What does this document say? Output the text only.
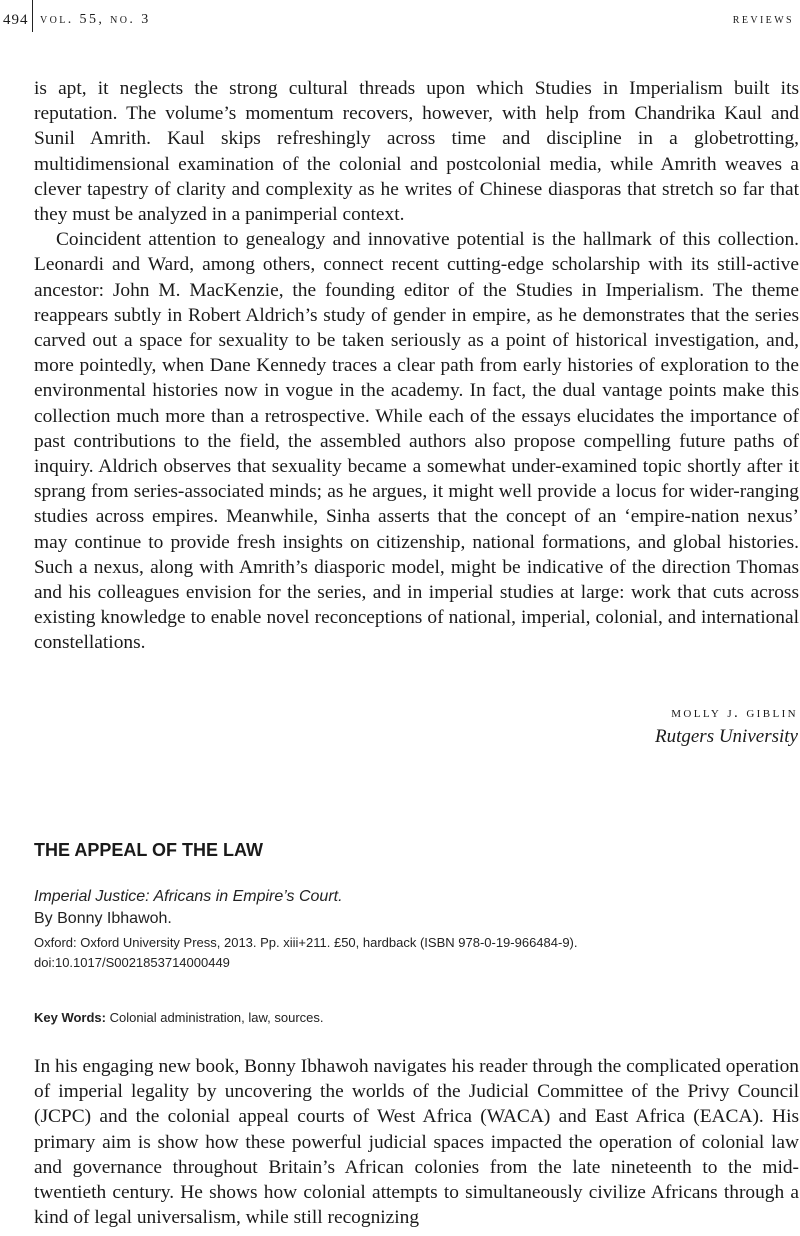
494 vol. 55, no. 3	reviews

is apt, it neglects the strong cultural threads upon which Studies in Imperialism built its reputation. The volume’s momentum recovers, however, with help from Chandrika Kaul and Sunil Amrith. Kaul skips refreshingly across time and discipline in a globetrotting, multidimensional examination of the colonial and postcolonial media, while Amrith weaves a clever tapestry of clarity and complexity as he writes of Chinese diasporas that stretch so far that they must be analyzed in a panimperial context.

Coincident attention to genealogy and innovative potential is the hallmark of this collection. Leonardi and Ward, among others, connect recent cutting-edge scholarship with its still-active ancestor: John M. MacKenzie, the founding editor of the Studies in Imperialism. The theme reappears subtly in Robert Aldrich’s study of gender in empire, as he demonstrates that the series carved out a space for sexuality to be taken seriously as a point of historical investigation, and, more pointedly, when Dane Kennedy traces a clear path from early histories of exploration to the environmental histories now in vogue in the academy. In fact, the dual vantage points make this collection much more than a retrospective. While each of the essays elucidates the importance of past contributions to the field, the assembled authors also propose compelling future paths of inquiry. Aldrich observes that sexuality became a somewhat under-examined topic shortly after it sprang from series-associated minds; as he argues, it might well provide a locus for wider-ranging studies across empires. Meanwhile, Sinha asserts that the concept of an ‘empire-nation nexus’ may continue to provide fresh insights on citizenship, national formations, and global histories. Such a nexus, along with Amrith’s diasporic model, might be indicative of the direction Thomas and his colleagues envision for the series, and in imperial studies at large: work that cuts across existing knowledge to enable novel reconceptions of national, imperial, colonial, and international constellations.

molly j. giblin
Rutgers University
THE APPEAL OF THE LAW
Imperial Justice: Africans in Empire’s Court.
By Bonny Ibhawoh.
Oxford: Oxford University Press, 2013. Pp. xiii+211. £50, hardback (ISBN 978-0-19-966484-9).
doi:10.1017/S0021853714000449
Key Words: Colonial administration, law, sources.

In his engaging new book, Bonny Ibhawoh navigates his reader through the complicated operation of imperial legality by uncovering the worlds of the Judicial Committee of the Privy Council (JCPC) and the colonial appeal courts of West Africa (WACA) and East Africa (EACA). His primary aim is show how these powerful judicial spaces impacted the operation of colonial law and governance throughout Britain’s African colonies from the late nineteenth to the mid-twentieth century. He shows how colonial attempts to simultaneously civilize Africans through a kind of legal universalism, while still recognizing
